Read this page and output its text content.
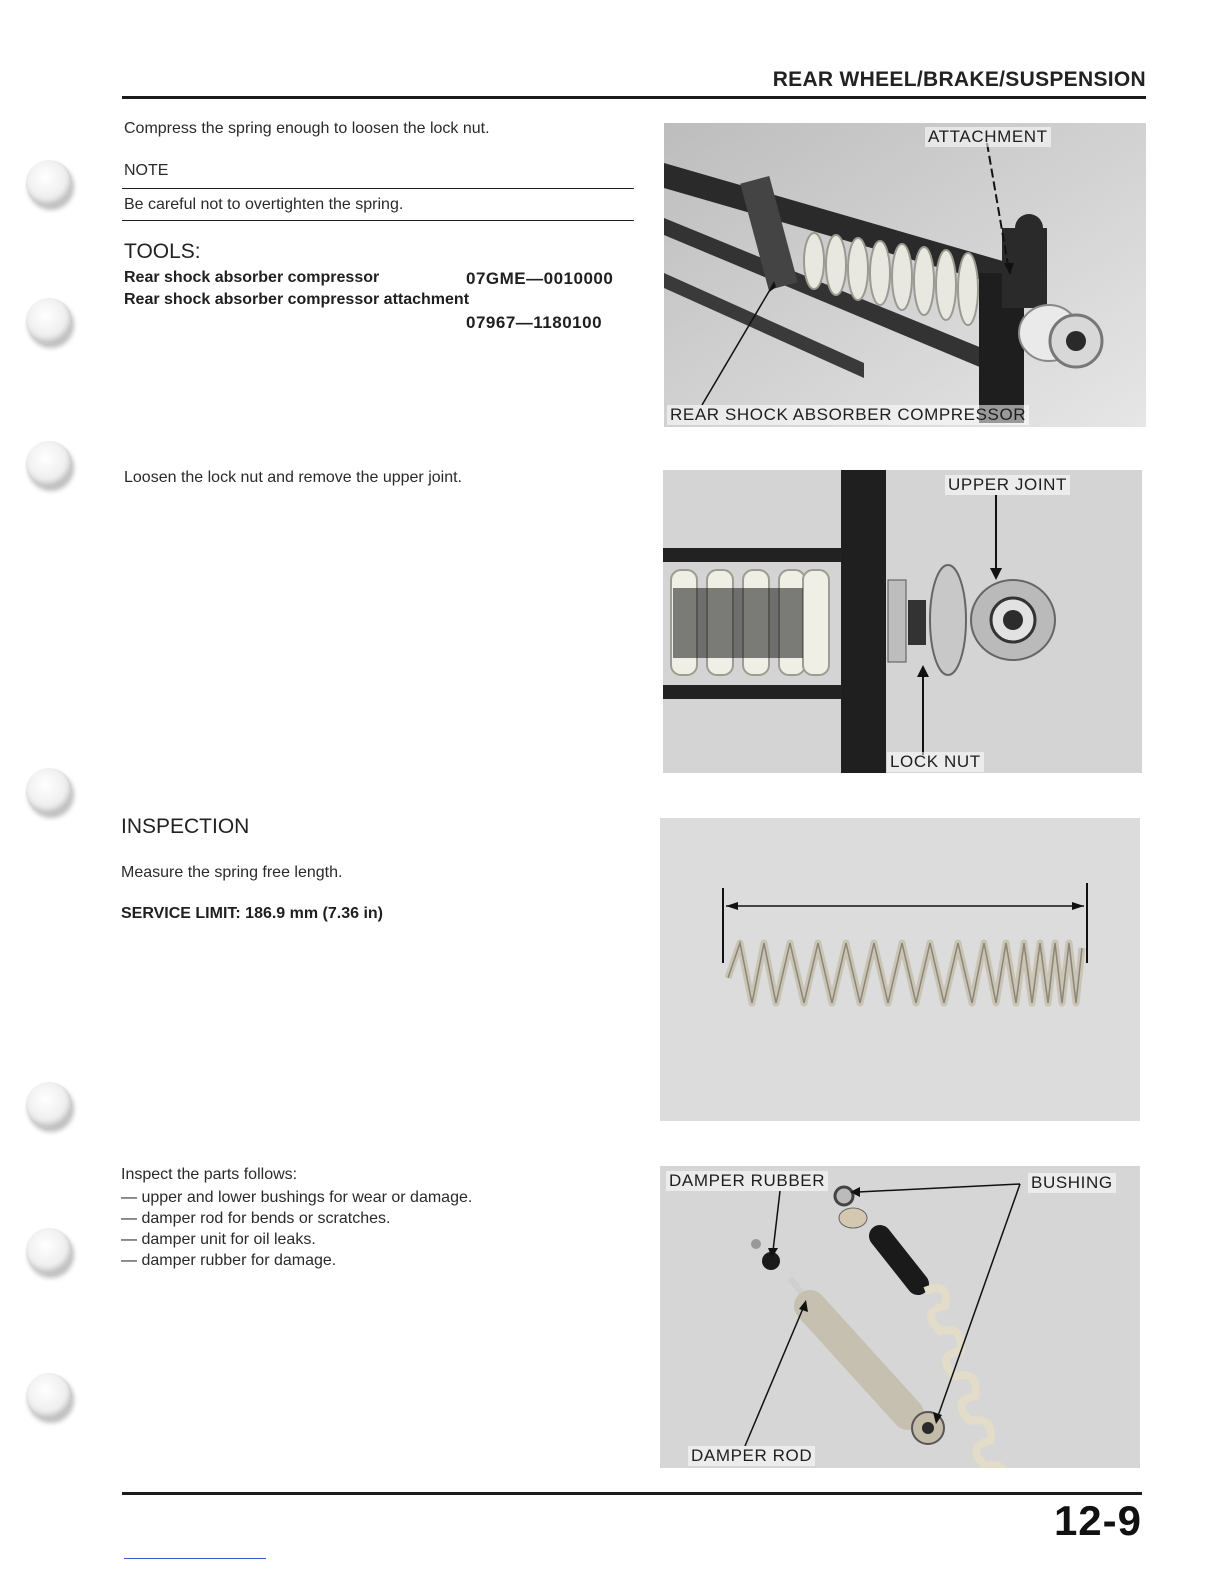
REAR WHEEL/BRAKE/SUSPENSION
Compress the spring enough to loosen the lock nut.
NOTE
Be careful not to overtighten the spring.
TOOLS:
Rear shock absorber compressor	07GME—0010000
Rear shock absorber compressor attachment
07967—1180100
ATTACHMENT
REAR SHOCK ABSORBER COMPRESSOR
Loosen the lock nut and remove the upper joint.	UPPER JOINT
LOCK NUT
INSPECTION
Measure the spring free length.
SERVICE LIMIT: 186.9 mm (7.36 in)
Inspect the parts follows:
— upper and lower bushings for wear or damage.
— damper rod for bends or scratches.
— damper unit for oil leaks.
— damper rubber for damage.
DAMPER RUBBER	BUSHING
DAMPER ROD
12-9
